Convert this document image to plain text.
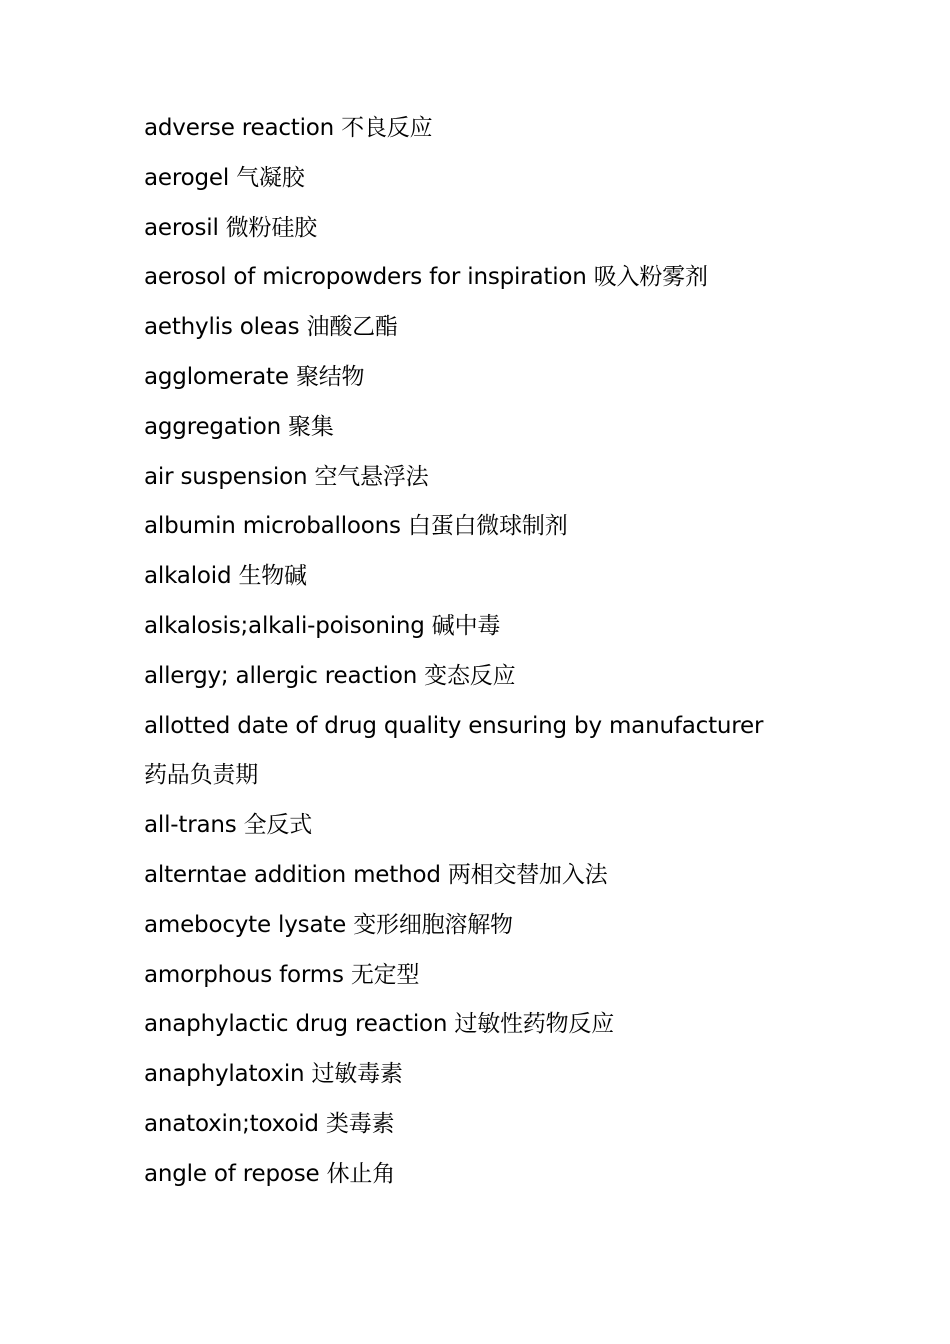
adverse reaction 不良反应
aerogel 气凝胶
aerosil 微粉硅胶
aerosol of micropowders for inspiration 吸入粉雾剂
aethylis oleas 油酸乙酯
agglomerate 聚结物
aggregation 聚集
air suspension 空气悬浮法
albumin microballoons 白蛋白微球制剂
alkaloid 生物碱
alkalosis;alkali-poisoning 碱中毒
allergy; allergic reaction 变态反应
allotted date of drug quality ensuring by manufacturer
药品负责期
all-trans 全反式
alterntae addition method 两相交替加入法
amebocyte lysate 变形细胞溶解物
amorphous forms 无定型
anaphylactic drug reaction 过敏性药物反应
anaphylatoxin 过敏毒素
anatoxin;toxoid 类毒素
angle of repose 休止角
